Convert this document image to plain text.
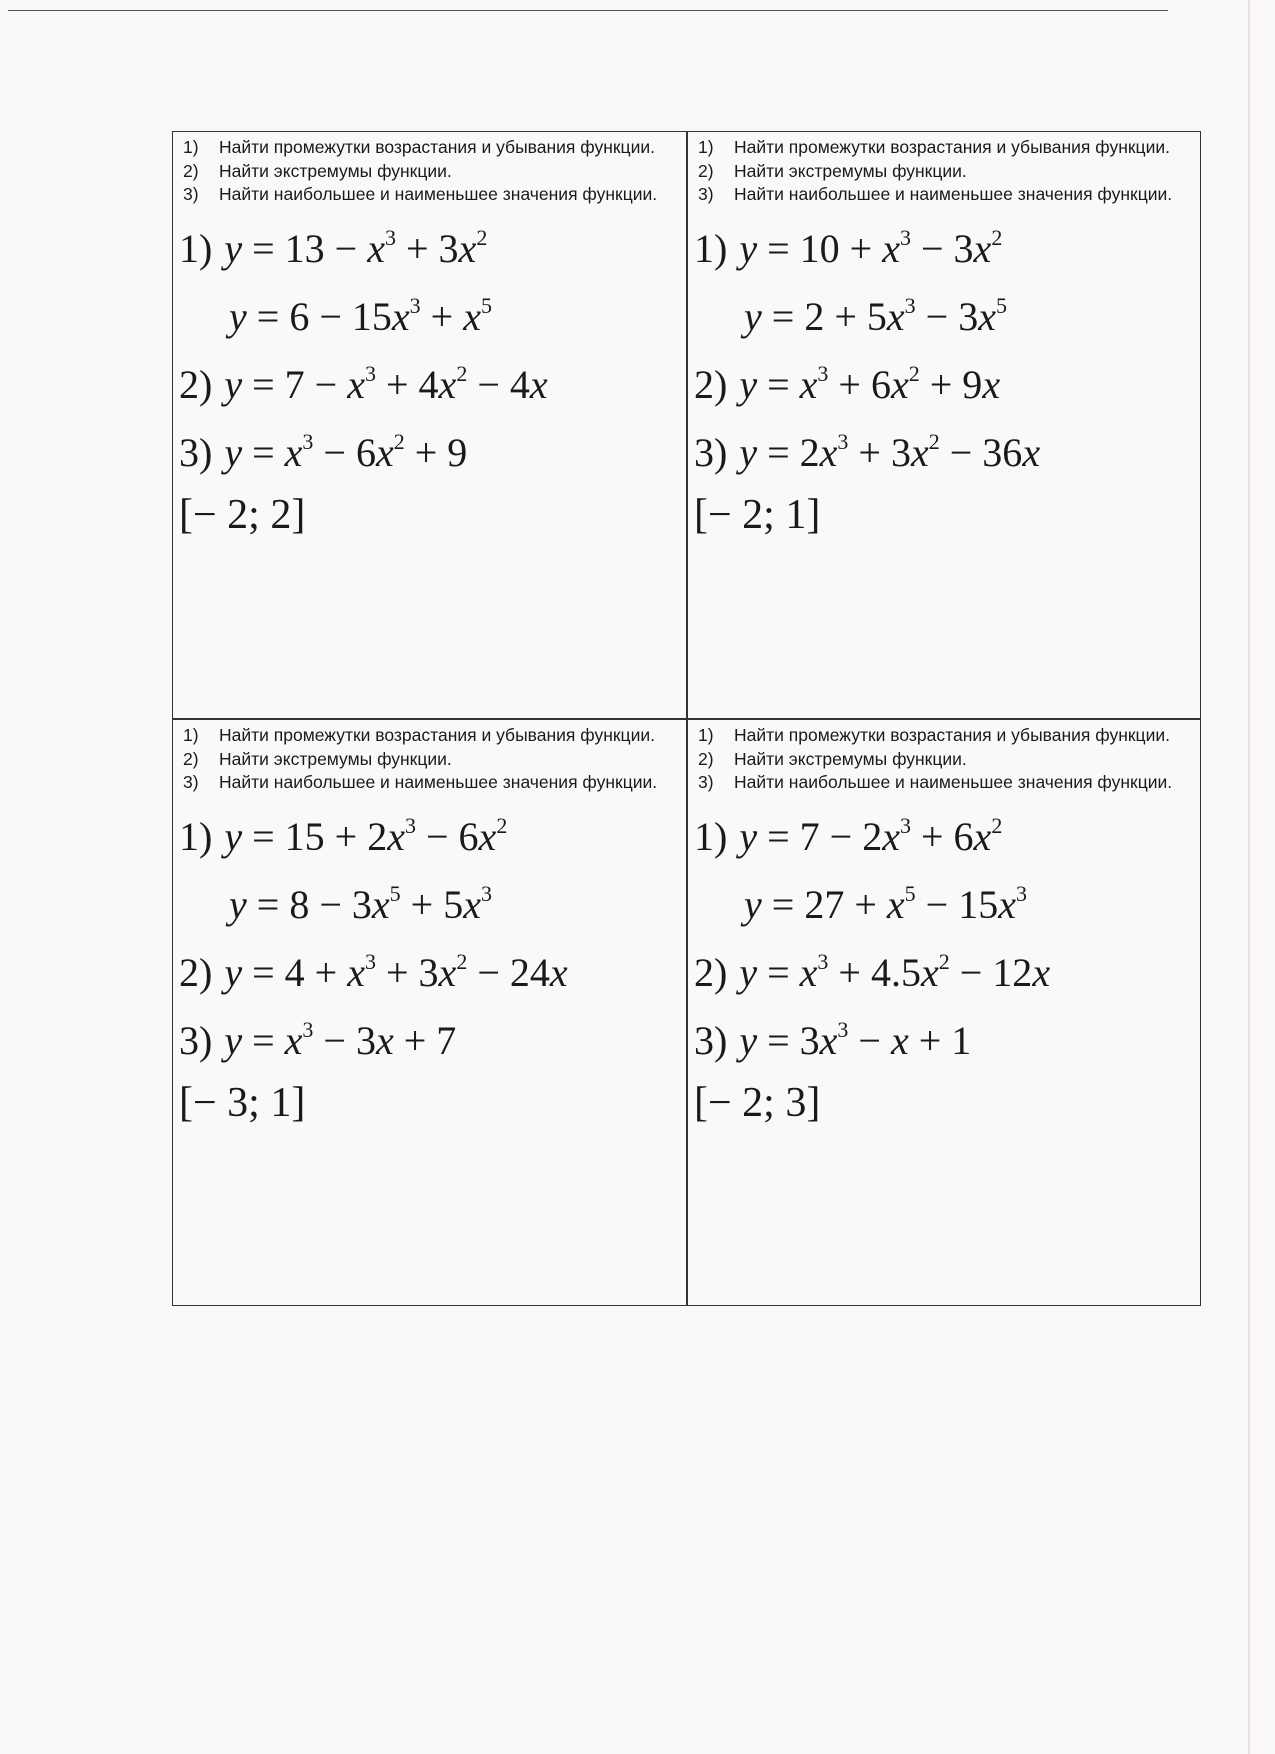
1) Найти промежутки возрастания и убывания функции.
2) Найти экстремумы функции.
3) Найти наибольшее и наименьшее значения функции.
1) $y = 13 - x^3 + 3x^2$
$y = 6 - 15x^3 + x^5$
2) $y = 7 - x^3 + 4x^2 - 4x$
3) $y = x^3 - 6x^2 + 9$
[− 2; 2]
1) Найти промежутки возрастания и убывания функции.
2) Найти экстремумы функции.
3) Найти наибольшее и наименьшее значения функции.
1) $y = 10 + x^3 - 3x^2$
$y = 2 + 5x^3 - 3x^5$
2) $y = x^3 + 6x^2 + 9x$
3) $y = 2x^3 + 3x^2 - 36x$
[− 2; 1]
1) Найти промежутки возрастания и убывания функции.
2) Найти экстремумы функции.
3) Найти наибольшее и наименьшее значения функции.
1) $y = 15 + 2x^3 - 6x^2$
$y = 8 - 3x^5 + 5x^3$
2) $y = 4 + x^3 + 3x^2 - 24x$
3) $y = x^3 - 3x + 7$
[− 3; 1]
1) Найти промежутки возрастания и убывания функции.
2) Найти экстремумы функции.
3) Найти наибольшее и наименьшее значения функции.
1) $y = 7 - 2x^3 + 6x^2$
$y = 27 + x^5 - 15x^3$
2) $y = x^3 + 4.5x^2 - 12x$
3) $y = 3x^3 - x + 1$
[− 2; 3]
